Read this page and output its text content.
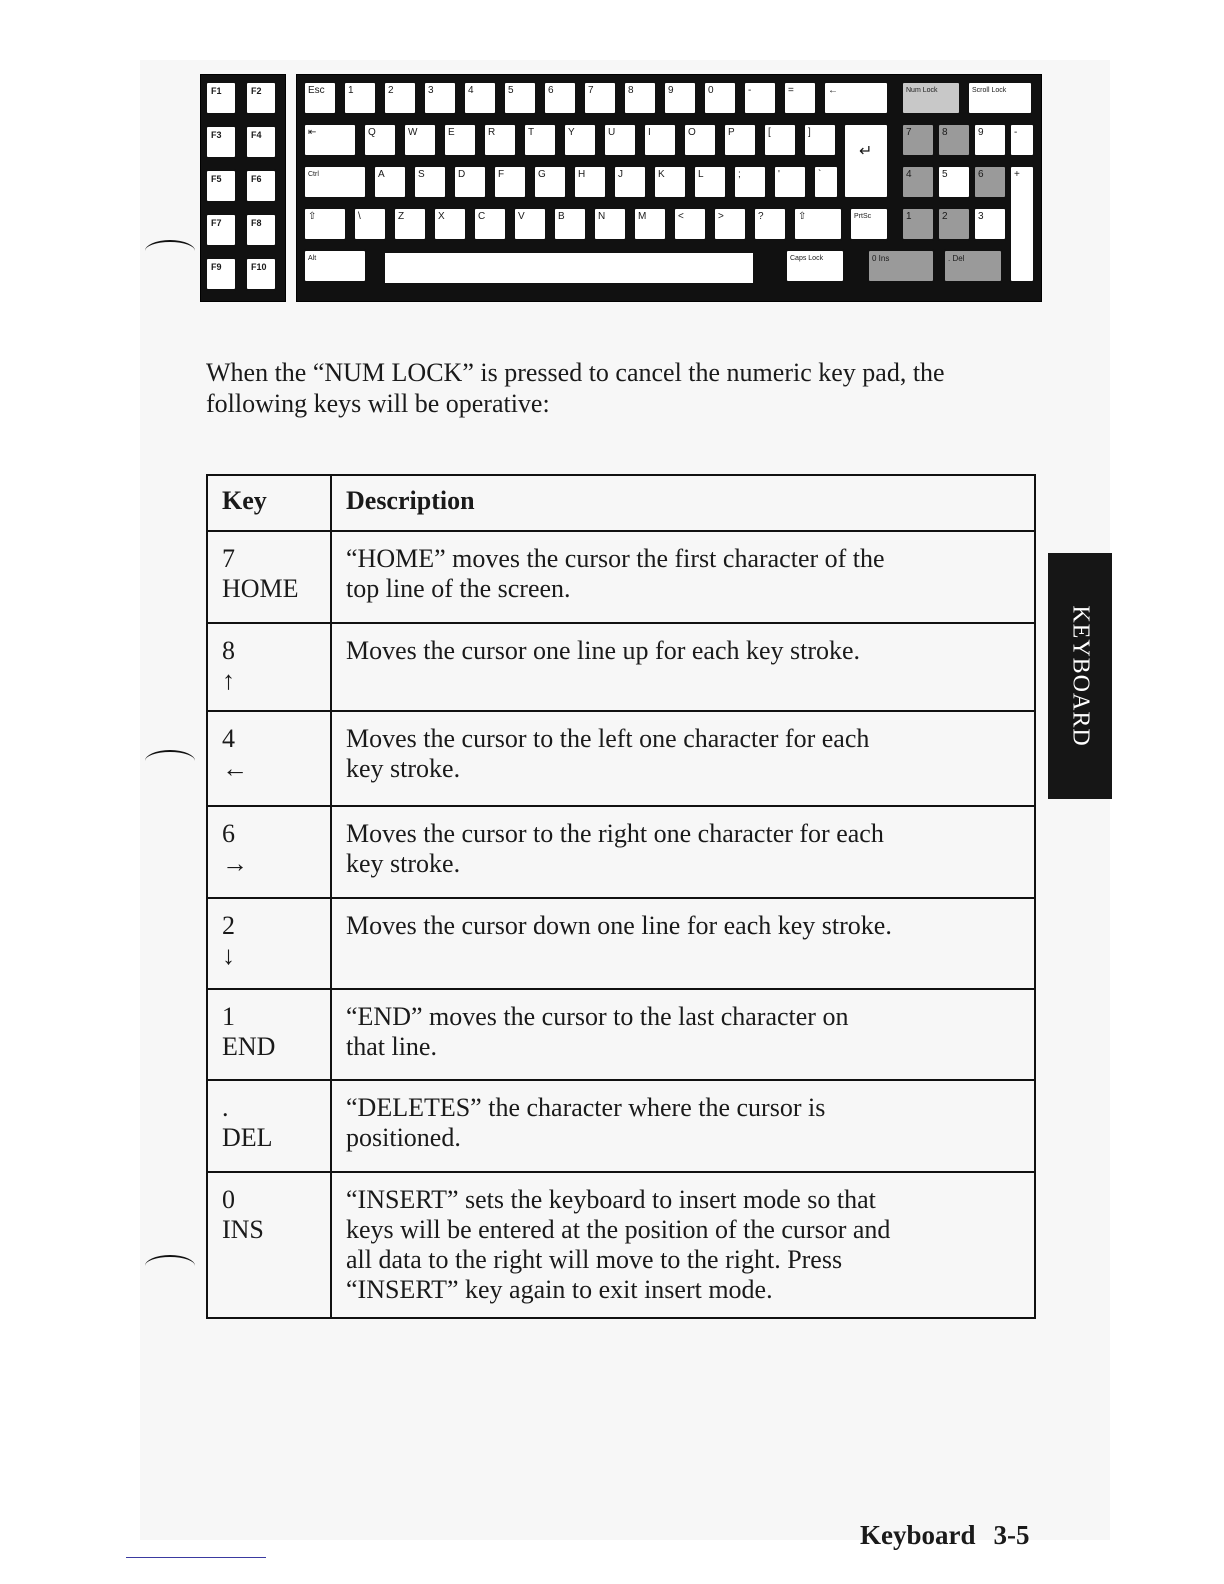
F1	F2
F3	F4
F5	F6
F7	F8
F9	F10
Esc	1	2	3	4	5	6	7	8	9	0	-	=	←	Num Lock	Scroll Lock
⇤	Q	W	E	R	T	Y	U	I	O	P	[	]
↵
7	8	9	-
Ctrl	A	S	D	F	G	H	J	K	L	;	'	`	4	5	6	+
⇧	\	Z	X	C	V	B	N	M	<	>	?	⇧	PrtSc	1	2	3
Alt	Caps Lock	0 Ins	. Del

When the “NUM LOCK” is pressed to cancel the numeric key pad, the following keys will be operative:

Key	Description

7
HOME	“HOME” moves the cursor the first character of the
top line of the screen.

8
↑	Moves the cursor one line up for each key stroke.

4
←	Moves the cursor to the left one character for each
key stroke.

6
→	Moves the cursor to the right one character for each
key stroke.

2
↓	Moves the cursor down one line for each key stroke.

1
END	“END” moves the cursor to the last character on
that line.

.
DEL	“DELETES” the character where the cursor is
positioned.

0
INS	“INSERT” sets the keyboard to insert mode so that
keys will be entered at the position of the cursor and
all data to the right will move to the right. Press
“INSERT” key again to exit insert mode.
KEYBOARD
Keyboard 3-5
